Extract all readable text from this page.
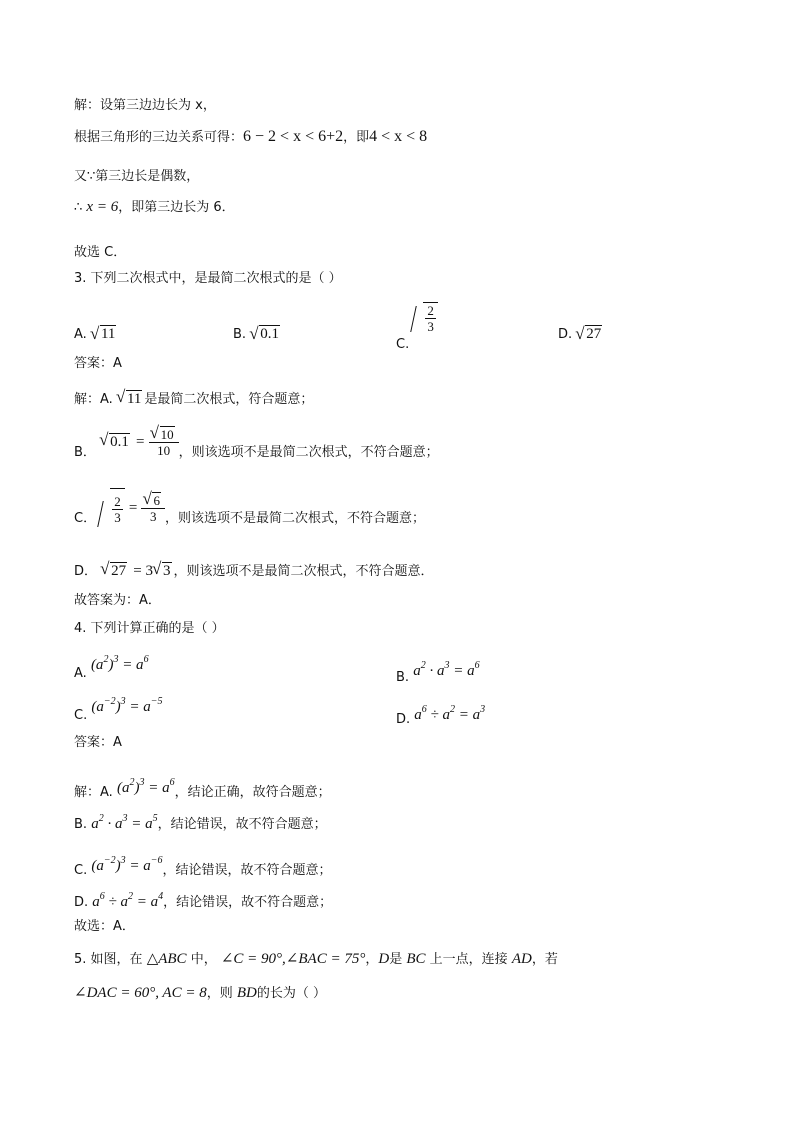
解：设第三边边长为 x，
根据三角形的三边关系可得：6 − 2 < x < 6+2，即4 < x < 8
又∵第三边长是偶数，
∴ x = 6，即第三边长为 6．
故选 C．
3. 下列二次根式中，是最简二次根式的是（ ）
A. √ 11	B. √ 0.1
C.
$\frac{2}{3}$
D. √ 27
答案：A
解：A. √ 11 是最简二次根式，符合题意；
B． √ 0.1 = √ $\frac{10}{10}$ ，则该选项不是最简二次根式，不符合题意；
C． $\frac{2}{3}$ = √ $\frac{6}{3}$ ，则该选项不是最简二次根式，不符合题意；
D． √ 27 = 3 √ 3 ，则该选项不是最简二次根式，不符合题意．
故答案为：A．
4. 下列计算正确的是（ ）
A. $(a^2)^3 = a^6$
B. $a^2 \cdot a^3 = a^6$
C. $(a^{-2})^3 = a^{-5}$
D. $a^6 \div a^2 = a^3$
答案：A
解：A. $(a^2)^3 = a^6$，结论正确，故符合题意；
B. $a^2 \cdot a^3 = a^5$，结论错误，故不符合题意；
C. $(a^{-2})^3 = a^{-6}$，结论错误，故不符合题意；
D. $a^6 \div a^2 = a^4$，结论错误，故不符合题意；
故选：A．
5. 如图，在 △ABC 中， ∠C = 90°,∠BAC = 75°，D是 BC 上一点，连接 AD，若
∠DAC = 60°, AC = 8，则 BD的长为（ ）
